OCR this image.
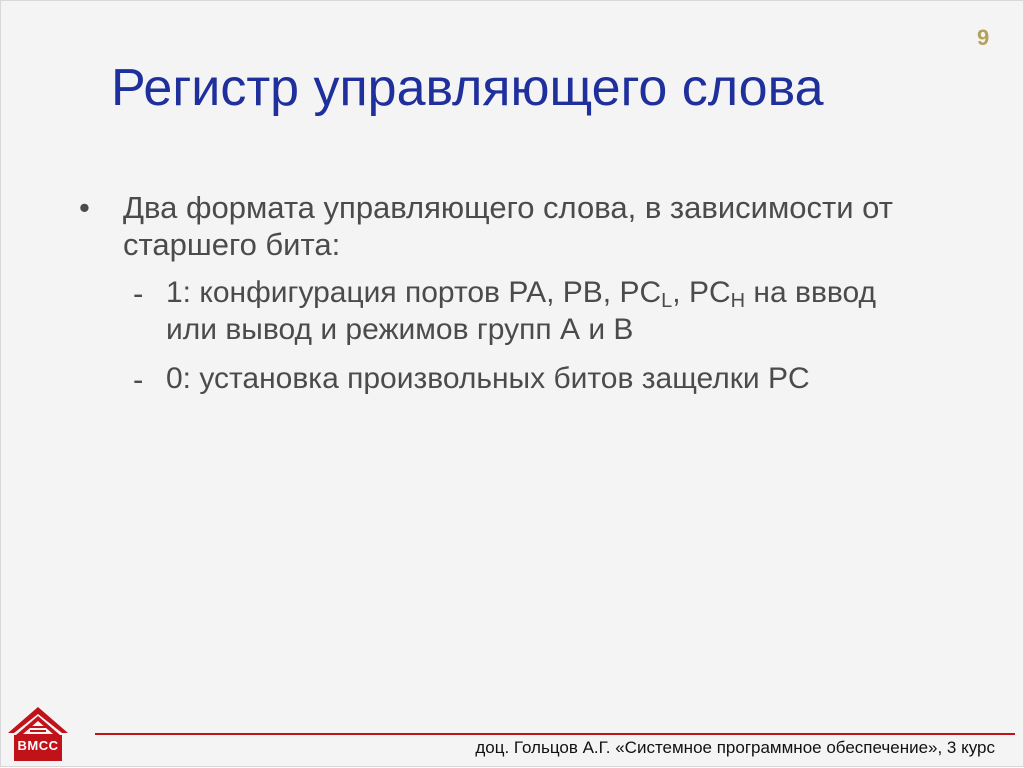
9
Регистр управляющего слова
•	Два формата управляющего слова, в зависимости от
старшего бита:
- 1: конфигурация портов PA, PB, $PC_L$, $PC_H$ на вввод
или вывод и режимов групп А и В
- 0: установка произвольных битов защелки PC
ВМСС	доц. Гольцов А.Г. «Системное программное обеспечение», 3 курс
